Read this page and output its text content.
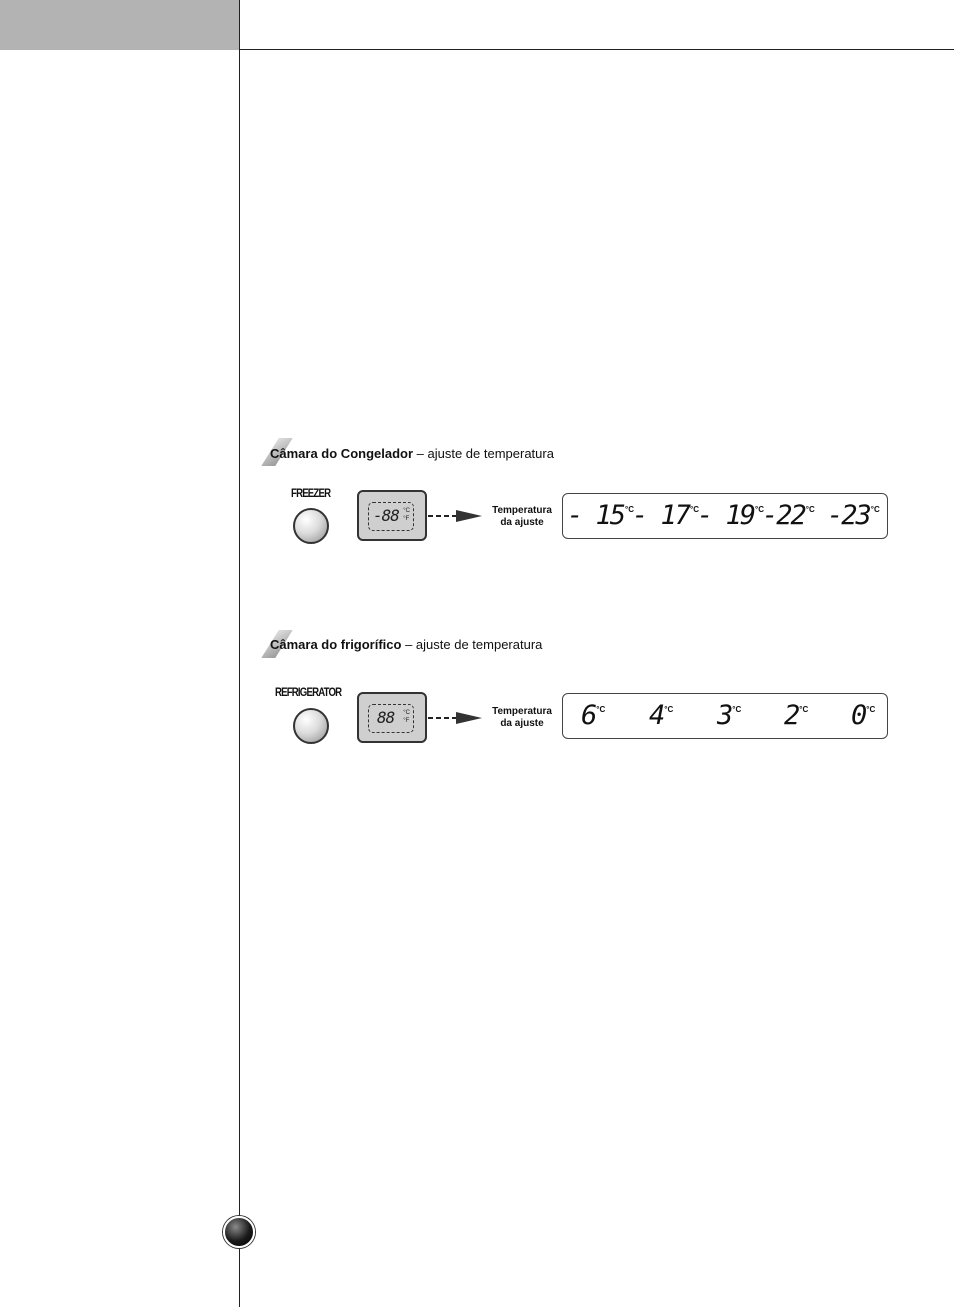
Câmara do Congelador – ajuste de temperatura
FREEZER
-88 °C
°F
Temperatura
da ajuste - $15^{^\circ C}$
- $17^{^\circ C}$
- $19^{^\circ C}$
$-22^{^\circ C}$ $-23^{^\circ C}$
Câmara do frigorífico – ajuste de temperatura
REFRIGERATOR
88 °C
°F
Temperatura
da ajuste	$6^{^\circ C}$ $4^{^\circ C}$ $3^{^\circ C}$ $2^{^\circ C}$ $0^{^\circ C}$
